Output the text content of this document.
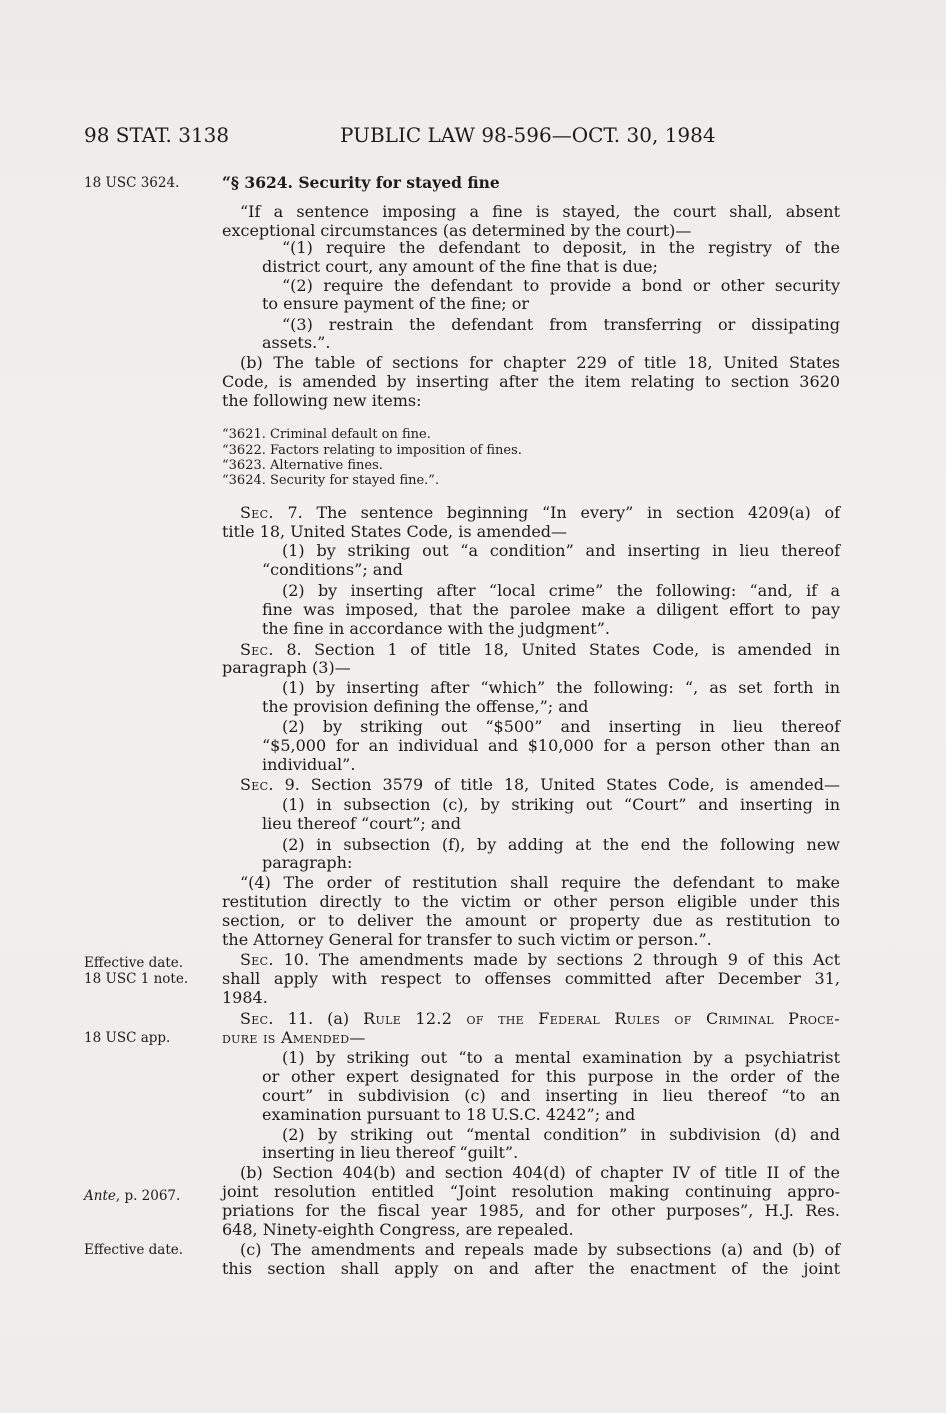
98 STAT. 3138	PUBLIC LAW 98-596—OCT. 30, 1984
18 USC 3624.
Effective date.
18 USC 1 note.
18 USC app.
Ante, p. 2067.
Effective date.
“§ 3624. Security for stayed fine
“If a sentence imposing a fine is stayed, the court shall, absent
exceptional circumstances (as determined by the court)—
“(1) require the defendant to deposit, in the registry of the
district court, any amount of the fine that is due;
“(2) require the defendant to provide a bond or other security
to ensure payment of the fine; or
“(3) restrain the defendant from transferring or dissipating
assets.”.
(b) The table of sections for chapter 229 of title 18, United States
Code, is amended by inserting after the item relating to section 3620
the following new items:
“3621. Criminal default on fine.
“3622. Factors relating to imposition of fines.
“3623. Alternative fines.
“3624. Security for stayed fine.”.
Sec. 7. The sentence beginning “In every” in section 4209(a) of
title 18, United States Code, is amended—
(1) by striking out “a condition” and inserting in lieu thereof
“conditions”; and
(2) by inserting after “local crime” the following: “and, if a
fine was imposed, that the parolee make a diligent effort to pay
the fine in accordance with the judgment”.
Sec. 8. Section 1 of title 18, United States Code, is amended in
paragraph (3)—
(1) by inserting after “which” the following: “, as set forth in
the provision defining the offense,”; and
(2) by striking out “$500” and inserting in lieu thereof
“$5,000 for an individual and $10,000 for a person other than an
individual”.
Sec. 9. Section 3579 of title 18, United States Code, is amended—
(1) in subsection (c), by striking out “Court” and inserting in
lieu thereof “court”; and
(2) in subsection (f), by adding at the end the following new
paragraph:
“(4) The order of restitution shall require the defendant to make
restitution directly to the victim or other person eligible under this
section, or to deliver the amount or property due as restitution to
the Attorney General for transfer to such victim or person.”.
Sec. 10. The amendments made by sections 2 through 9 of this Act
shall apply with respect to offenses committed after December 31,
1984.
Sec. 11. (a) Rule 12.2 of the Federal Rules of Criminal Proce-
dure is Amended—
(1) by striking out “to a mental examination by a psychiatrist
or other expert designated for this purpose in the order of the
court” in subdivision (c) and inserting in lieu thereof “to an
examination pursuant to 18 U.S.C. 4242”; and
(2) by striking out “mental condition” in subdivision (d) and
inserting in lieu thereof “guilt”.
(b) Section 404(b) and section 404(d) of chapter IV of title II of the
joint resolution entitled “Joint resolution making continuing appro-
priations for the fiscal year 1985, and for other purposes”, H.J. Res.
648, Ninety-eighth Congress, are repealed.
(c) The amendments and repeals made by subsections (a) and (b) of
this section shall apply on and after the enactment of the joint
